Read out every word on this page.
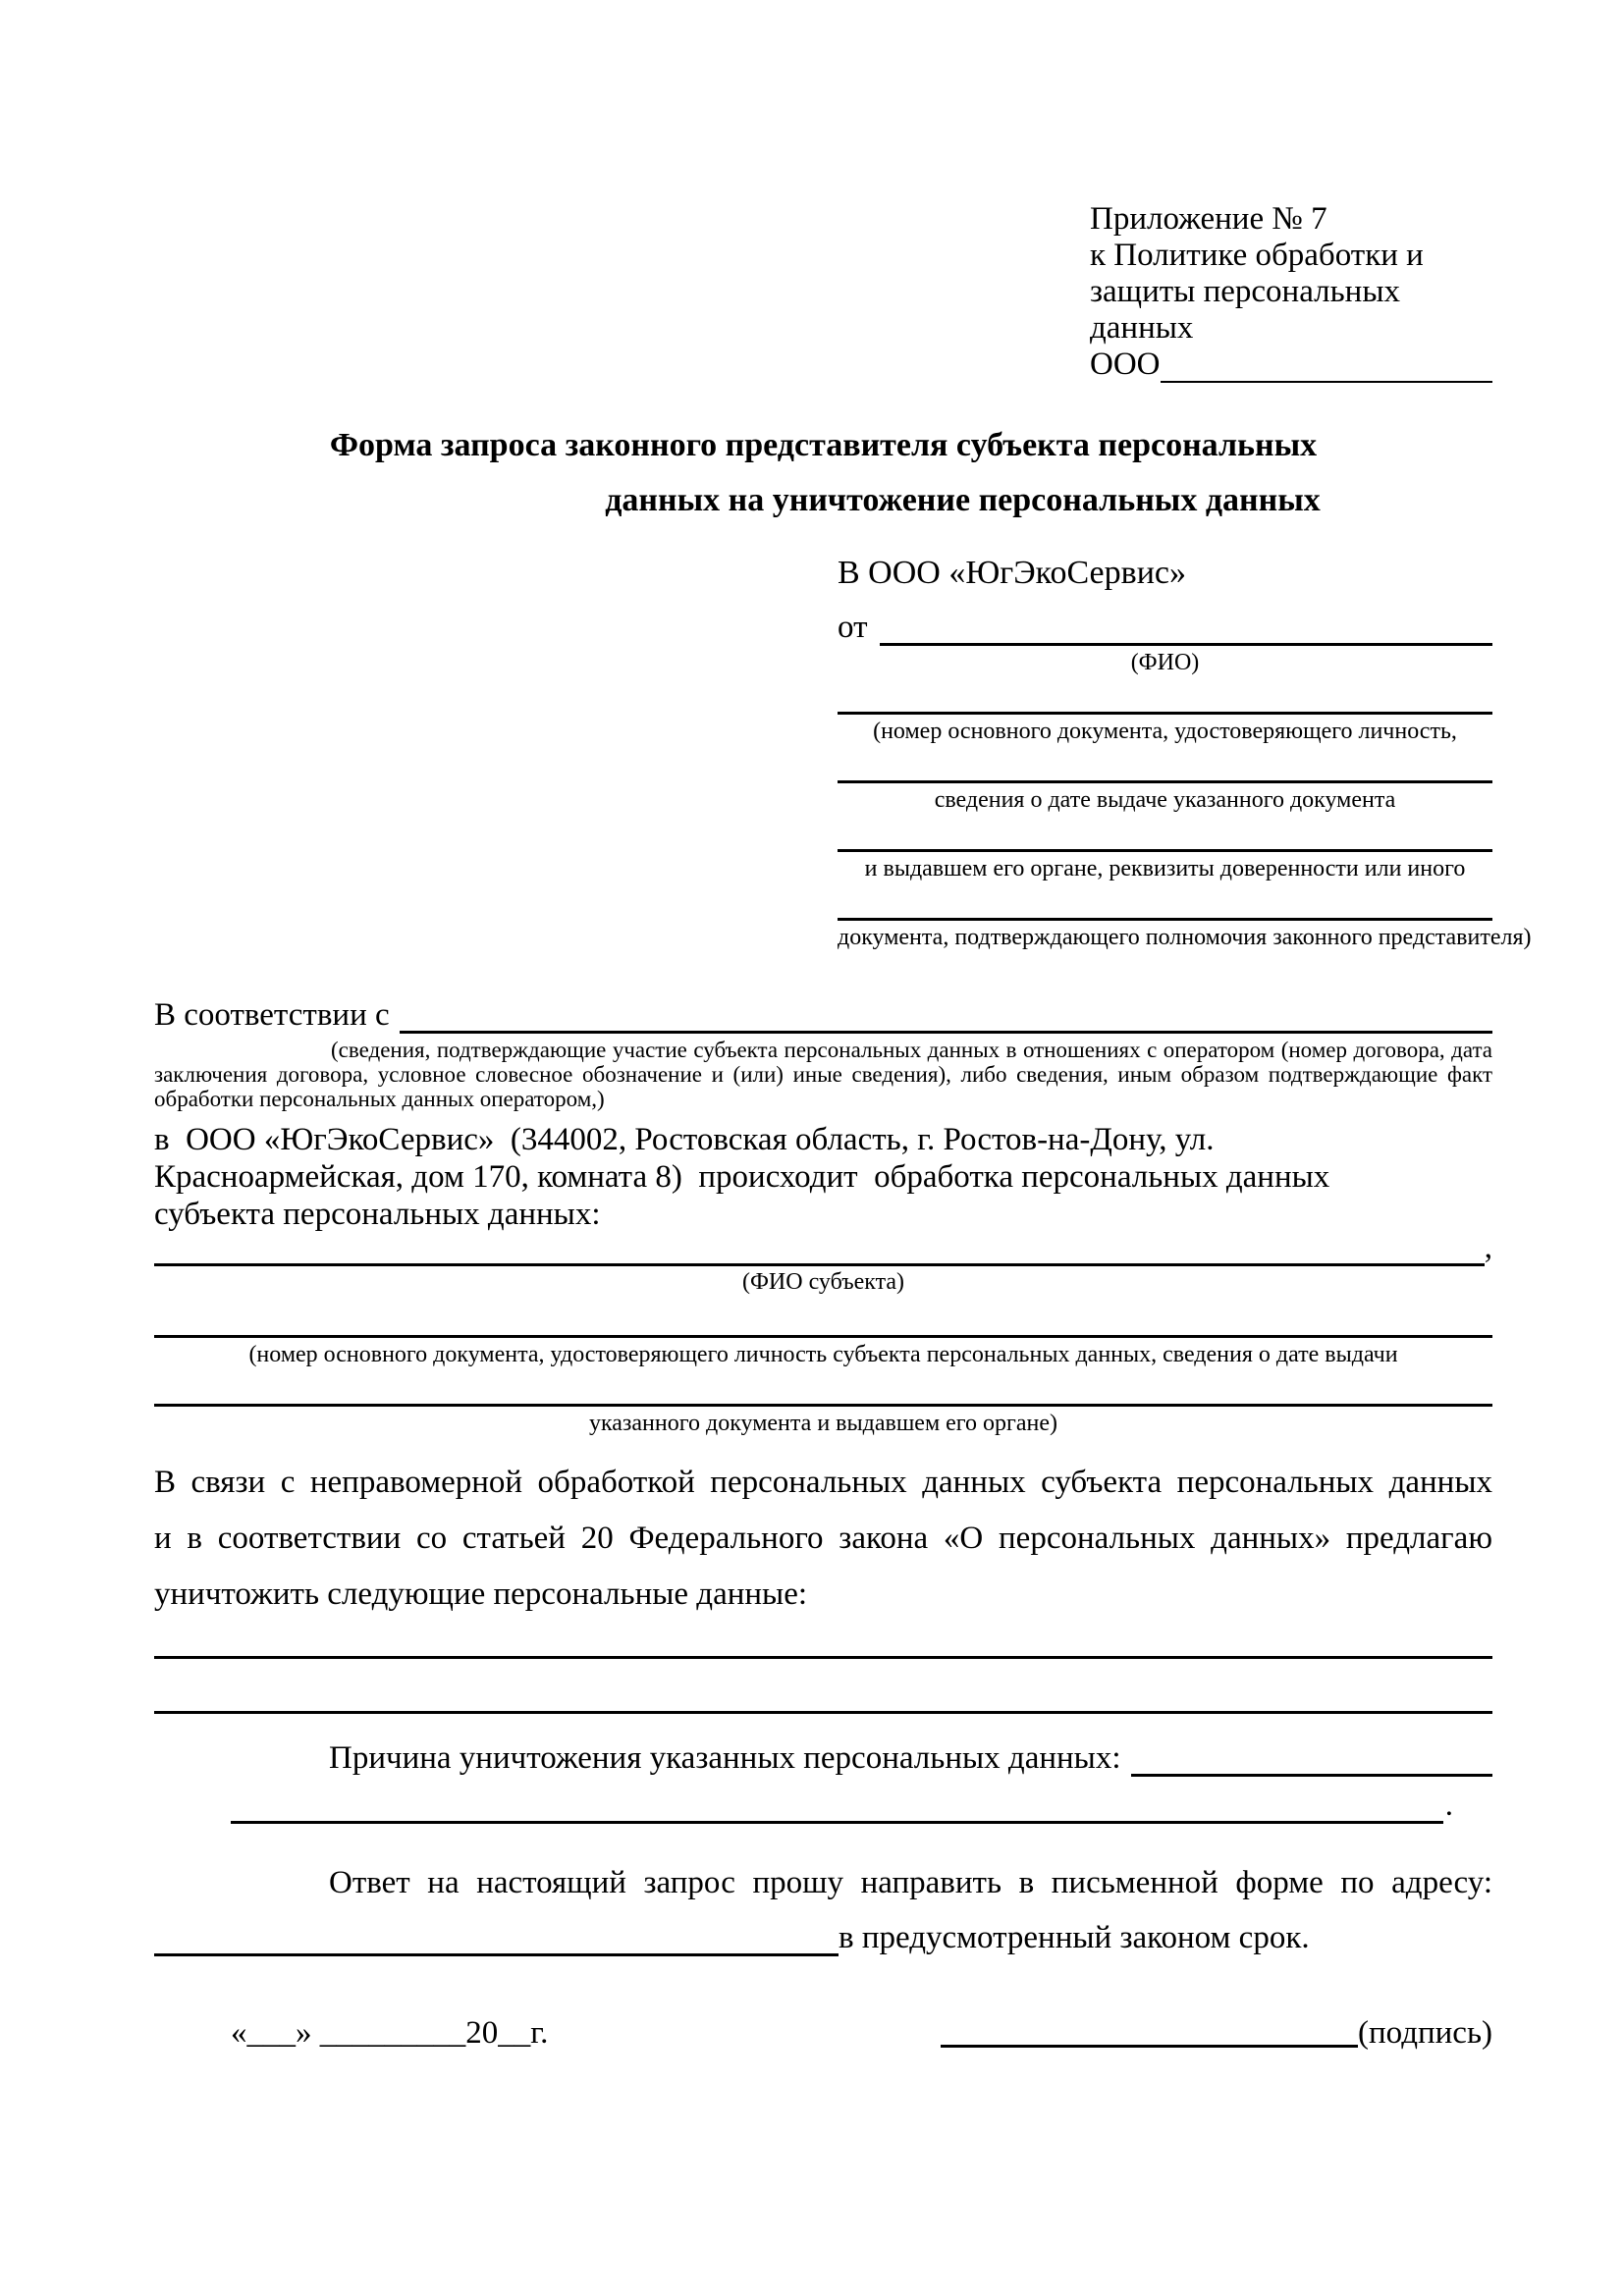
Приложение № 7
к Политике обработки и
защиты персональных данных
ООО
Форма запроса законного представителя субъекта персональных
данных на уничтожение персональных данных
В ООО «ЮгЭкоСервис»
от
(ФИО)
(номер основного документа, удостоверяющего личность,
сведения о дате выдаче указанного документа
и выдавшем его органе, реквизиты доверенности или иного
документа, подтверждающего полномочия законного представителя)
В соответствии с
(сведения, подтверждающие участие субъекта персональных данных в отношениях с оператором (номер договора, дата
заключения договора, условное словесное обозначение и (или) иные сведения), либо сведения, иным образом подтверждающие факт
обработки персональных данных оператором,)
в  ООО «ЮгЭкоСервис»  (344002, Ростовская область, г. Ростов-на-Дону, ул.
Красноармейская, дом 170, комната 8)  происходит  обработка персональных данных
субъекта персональных данных:
,
(ФИО субъекта)
(номер основного документа, удостоверяющего личность субъекта персональных данных, сведения о дате выдачи
указанного документа и выдавшем его органе)
В связи с неправомерной обработкой персональных данных субъекта персональных данных
и в соответствии со статьей 20 Федерального закона «О персональных данных» предлагаю
уничтожить следующие персональные данные:
Причина уничтожения указанных персональных данных:
.
Ответ на настоящий запрос прошу направить в письменной форме по адресу:
в предусмотренный законом срок.
«___» _________20__г.	(подпись)
